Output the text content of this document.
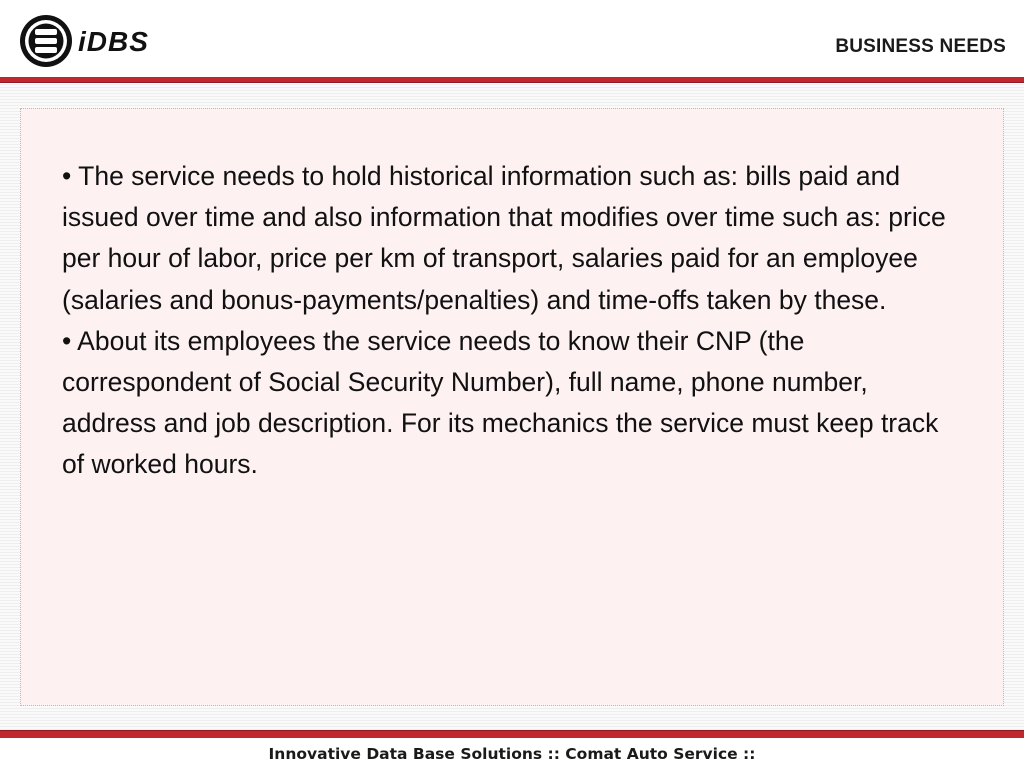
iDBS	BUSINESS NEEDS
• The service needs to hold historical information such as: bills paid and issued over time and also information that modifies over time such as: price per hour of labor, price per km of transport, salaries paid for an employee (salaries and bonus-payments/penalties) and time-offs taken by these.
• About its employees the service needs to know their CNP (the correspondent of Social Security Number), full name, phone number, address and job description. For its mechanics the service must keep track of worked hours.
Innovative Data Base Solutions :: Comat Auto Service ::
